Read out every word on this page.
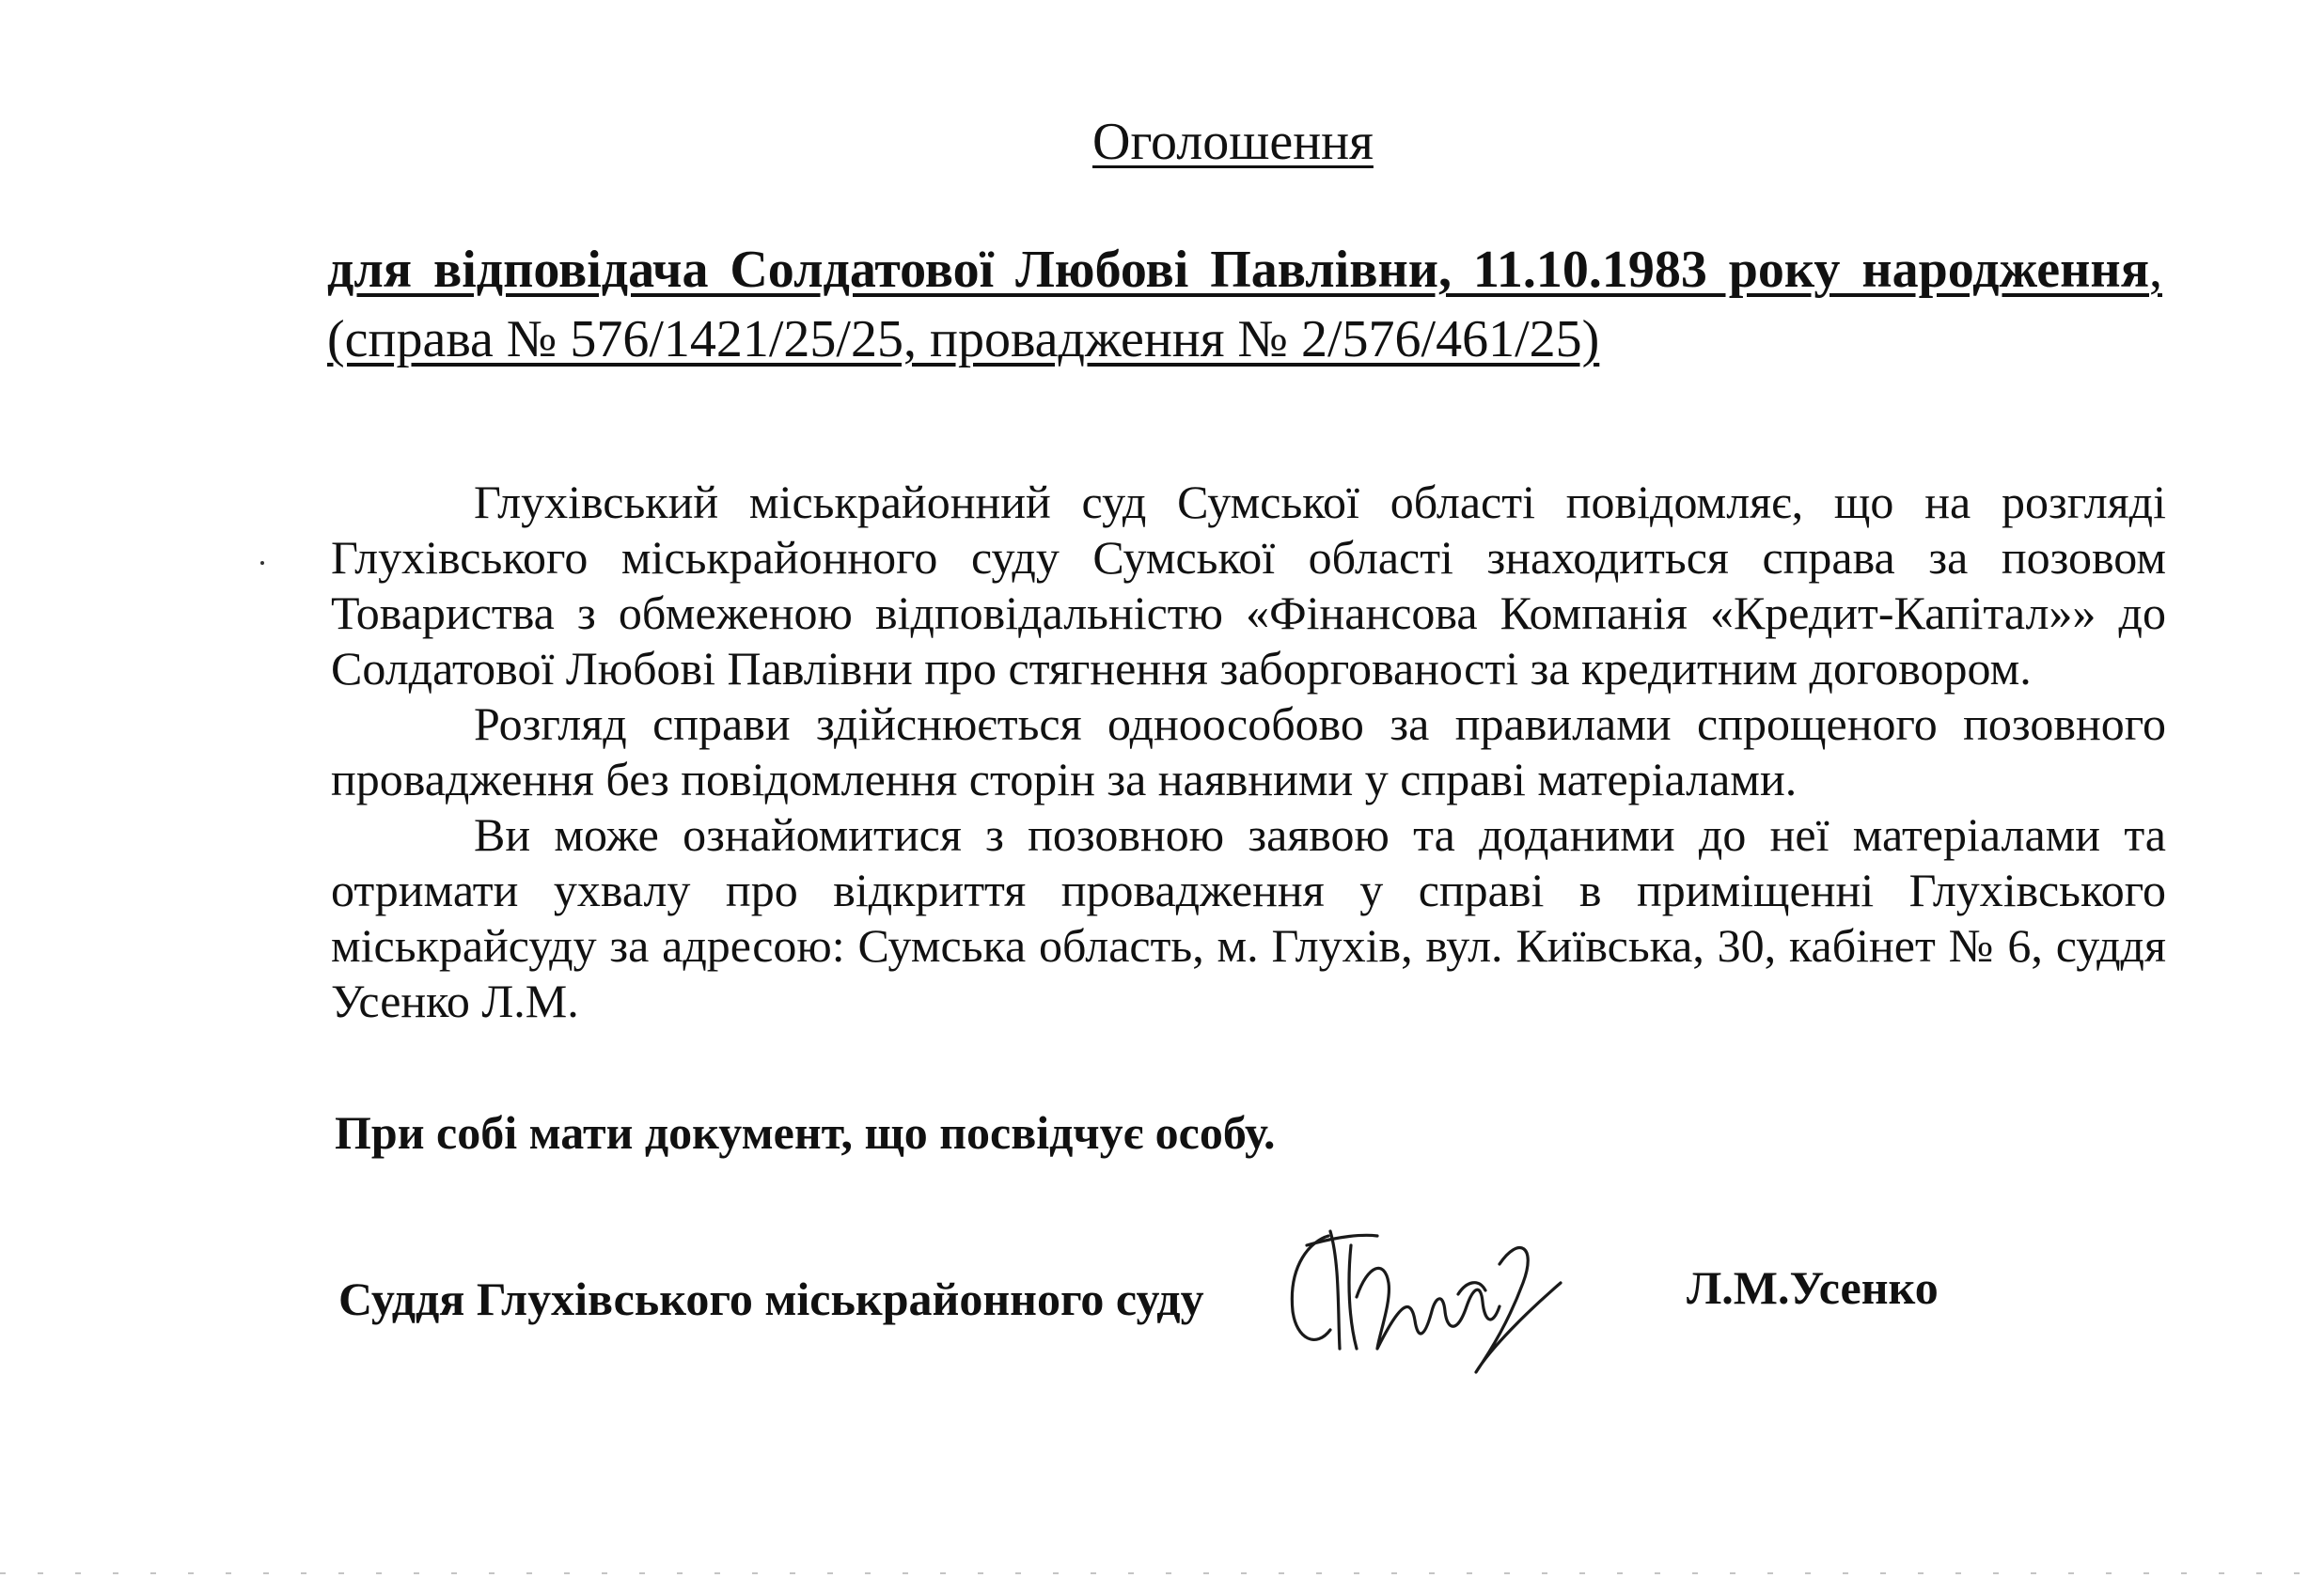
Оголошення
для відповідача Солдатової Любові Павлівни, 11.10.1983 року народження, (справа № 576/1421/25/25, провадження № 2/576/461/25)

Глухівський міськрайонний суд Сумської області повідомляє, що на розгляді Глухівського міськрайонного суду Сумської області знаходиться справа за позовом Товариства з обмеженою відповідальністю «Фінансова Компанія «Кредит-Капітал»» до Солдатової Любові Павлівни про стягнення заборгованості за кредитним договором.

Розгляд справи здійснюється одноособово за правилами спрощеного позовного провадження без повідомлення сторін за наявними у справі матеріалами.

Ви може ознайомитися з позовною заявою та доданими до неї матеріалами та отримати ухвалу про відкриття провадження у справі в приміщенні Глухівського міськрайсуду за адресою: Сумська область, м. Глухів, вул. Київська, 30, кабінет № 6, суддя Усенко Л.М.

При собі мати документ, що посвідчує особу.
Суддя Глухівського міськрайонного суду	Л.М.Усенко
